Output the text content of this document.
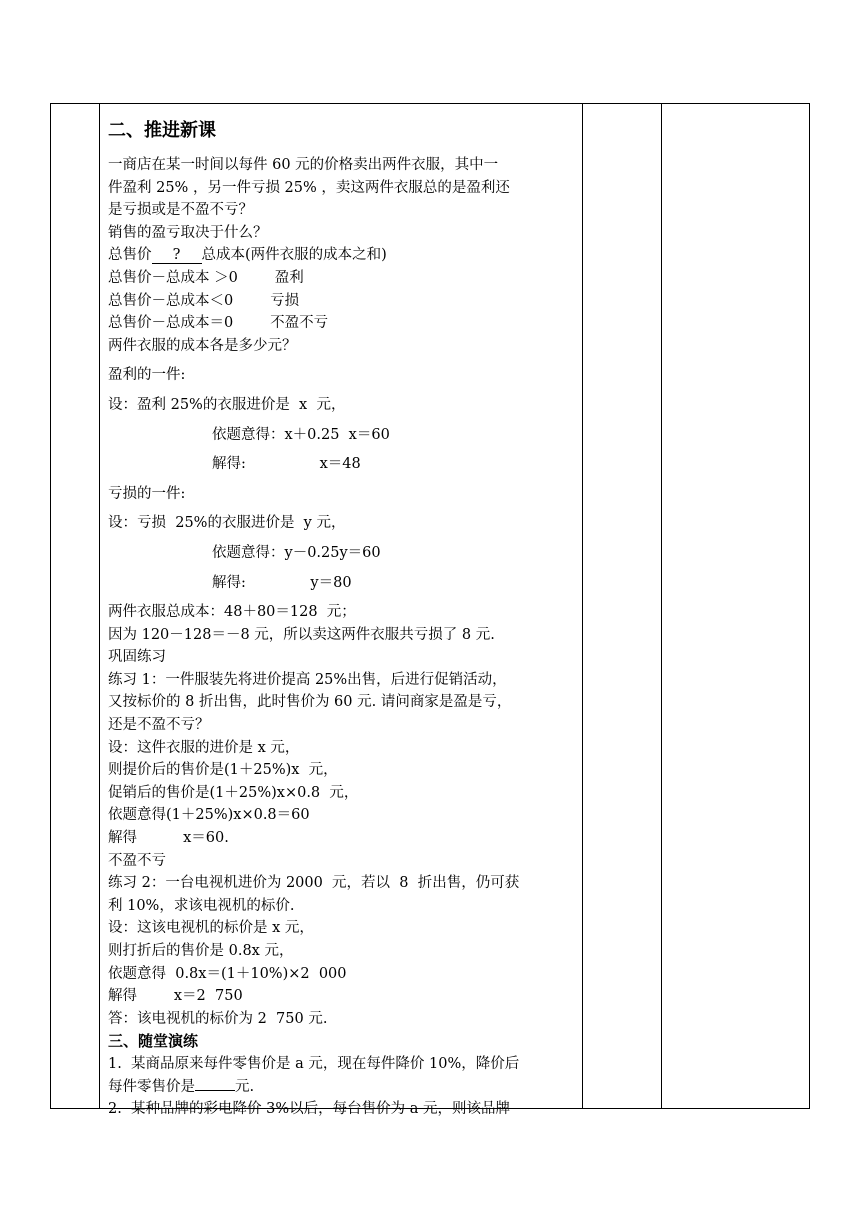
二、推进新课

一商店在某一时间以每件 60 元的价格卖出两件衣服，其中一

件盈利 25% ，另一件亏损 25% ，卖这两件衣服总的是盈利还

是亏损或是不盈不亏？

销售的盈亏取决于什么？

总售价 ? 总成本(两件衣服的成本之和)

总售价－总成本 ＞0        盈利

总售价－总成本＜0        亏损

总售价－总成本＝0        不盈不亏

两件衣服的成本各是多少元？

盈利的一件:

设：盈利 25%的衣服进价是  x  元，

依题意得：x＋0.25  x＝60

解得:                x＝48

亏损的一件:

设：亏损  25%的衣服进价是  y 元，

依题意得：y－0.25y＝60

解得:              y＝80

两件衣服总成本：48＋80＝128  元；

因为 120－128＝－8 元，所以卖这两件衣服共亏损了 8 元.

巩固练习

练习 1：一件服装先将进价提高 25%出售，后进行促销活动，

又按标价的 8 折出售，此时售价为 60 元. 请问商家是盈是亏，

还是不盈不亏？

设：这件衣服的进价是 x 元，

则提价后的售价是(1＋25%)x  元，

促销后的售价是(1＋25%)x×0.8  元，

依题意得(1＋25%)x×0.8＝60

解得          x＝60.

不盈不亏

练习 2：一台电视机进价为 2000  元，若以  8  折出售，仍可获

利 10%，求该电视机的标价.

设：这该电视机的标价是 x 元，

则打折后的售价是 0.8x 元，

依题意得  0.8x＝(1＋10%)×2  000

解得        x＝2  750

答：该电视机的标价为 2  750 元.

三、随堂演练

1.  某商品原来每件零售价是 a 元，现在每件降价 10%，降价后

每件零售价是	元.

2.  某种品牌的彩电降价 3%以后，每台售价为 a 元，则该品牌
